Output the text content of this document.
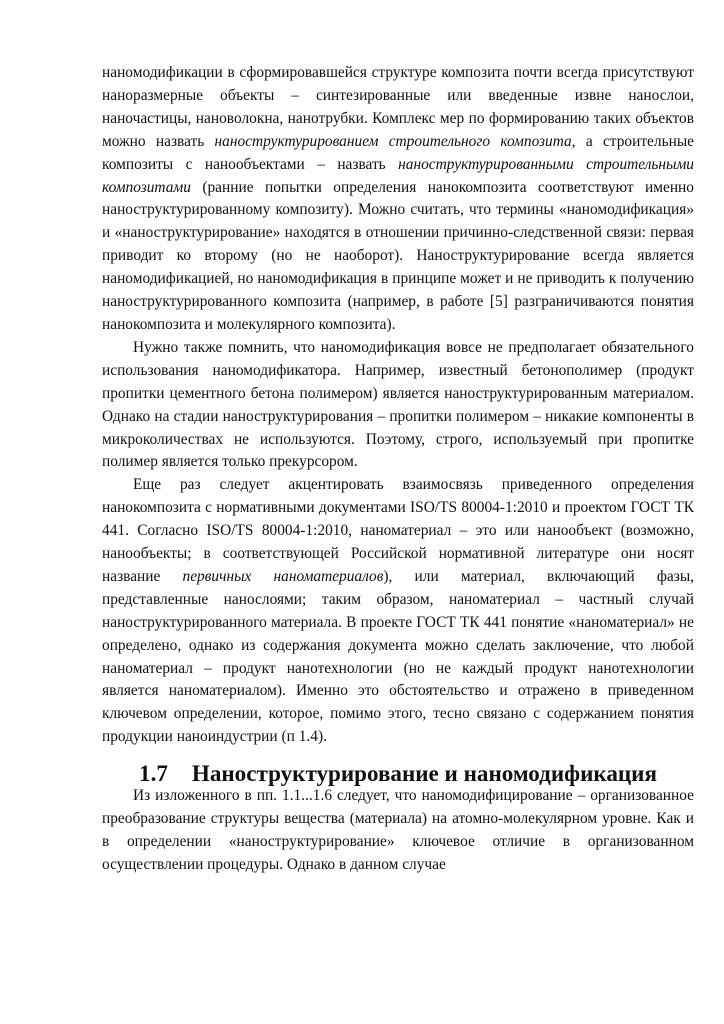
наномодификации в сформировавшейся структуре композита почти всегда присутствуют наноразмерные объекты – синтезированные или введенные извне нанослои, наночастицы, нановолокна, нанотрубки. Комплекс мер по формированию таких объектов можно назвать наноструктурированием строительного композита, а строительные композиты с нанообъектами – назвать наноструктурированными строительными композитами (ранние попытки определения нанокомпозита соответствуют именно наноструктурированному композиту). Можно считать, что термины «наномодификация» и «наноструктурирование» находятся в отношении причинно-следственной связи: первая приводит ко второму (но не наоборот). Наноструктурирование всегда является наномодификацией, но наномодификация в принципе может и не приводить к получению наноструктурированного композита (например, в работе [5] разграничиваются понятия нанокомпозита и молекулярного композита).

Нужно также помнить, что наномодификация вовсе не предполагает обязательного использования наномодификатора. Например, известный бетонополимер (продукт пропитки цементного бетона полимером) является наноструктурированным материалом. Однако на стадии наноструктурирования – пропитки полимером – никакие компоненты в микроколичествах не используются. Поэтому, строго, используемый при пропитке полимер является только прекурсором.

Еще раз следует акцентировать взаимосвязь приведенного определения нанокомпозита с нормативными документами ISO/TS 80004-1:2010 и проектом ГОСТ ТК 441. Согласно ISO/TS 80004-1:2010, наноматериал – это или нанообъект (возможно, нанообъекты; в соответствующей Российской нормативной литературе они носят название первичных наноматериалов), или материал, включающий фазы, представленные нанослоями; таким образом, наноматериал – частный случай наноструктурированного материала. В проекте ГОСТ ТК 441 понятие «наноматериал» не определено, однако из содержания документа можно сделать заключение, что любой наноматериал – продукт нанотехнологии (но не каждый продукт нанотехнологии является наноматериалом). Именно это обстоятельство и отражено в приведенном ключевом определении, которое, помимо этого, тесно связано с содержанием понятия продукции наноиндустрии (п 1.4).

1.7 Наноструктурирование и наномодификация

Из изложенного в пп. 1.1...1.6 следует, что наномодифицирование – организованное преобразование структуры вещества (материала) на атомно-молекулярном уровне. Как и в определении «наноструктурирование» ключевое отличие в организованном осуществлении процедуры. Однако в данном случае
